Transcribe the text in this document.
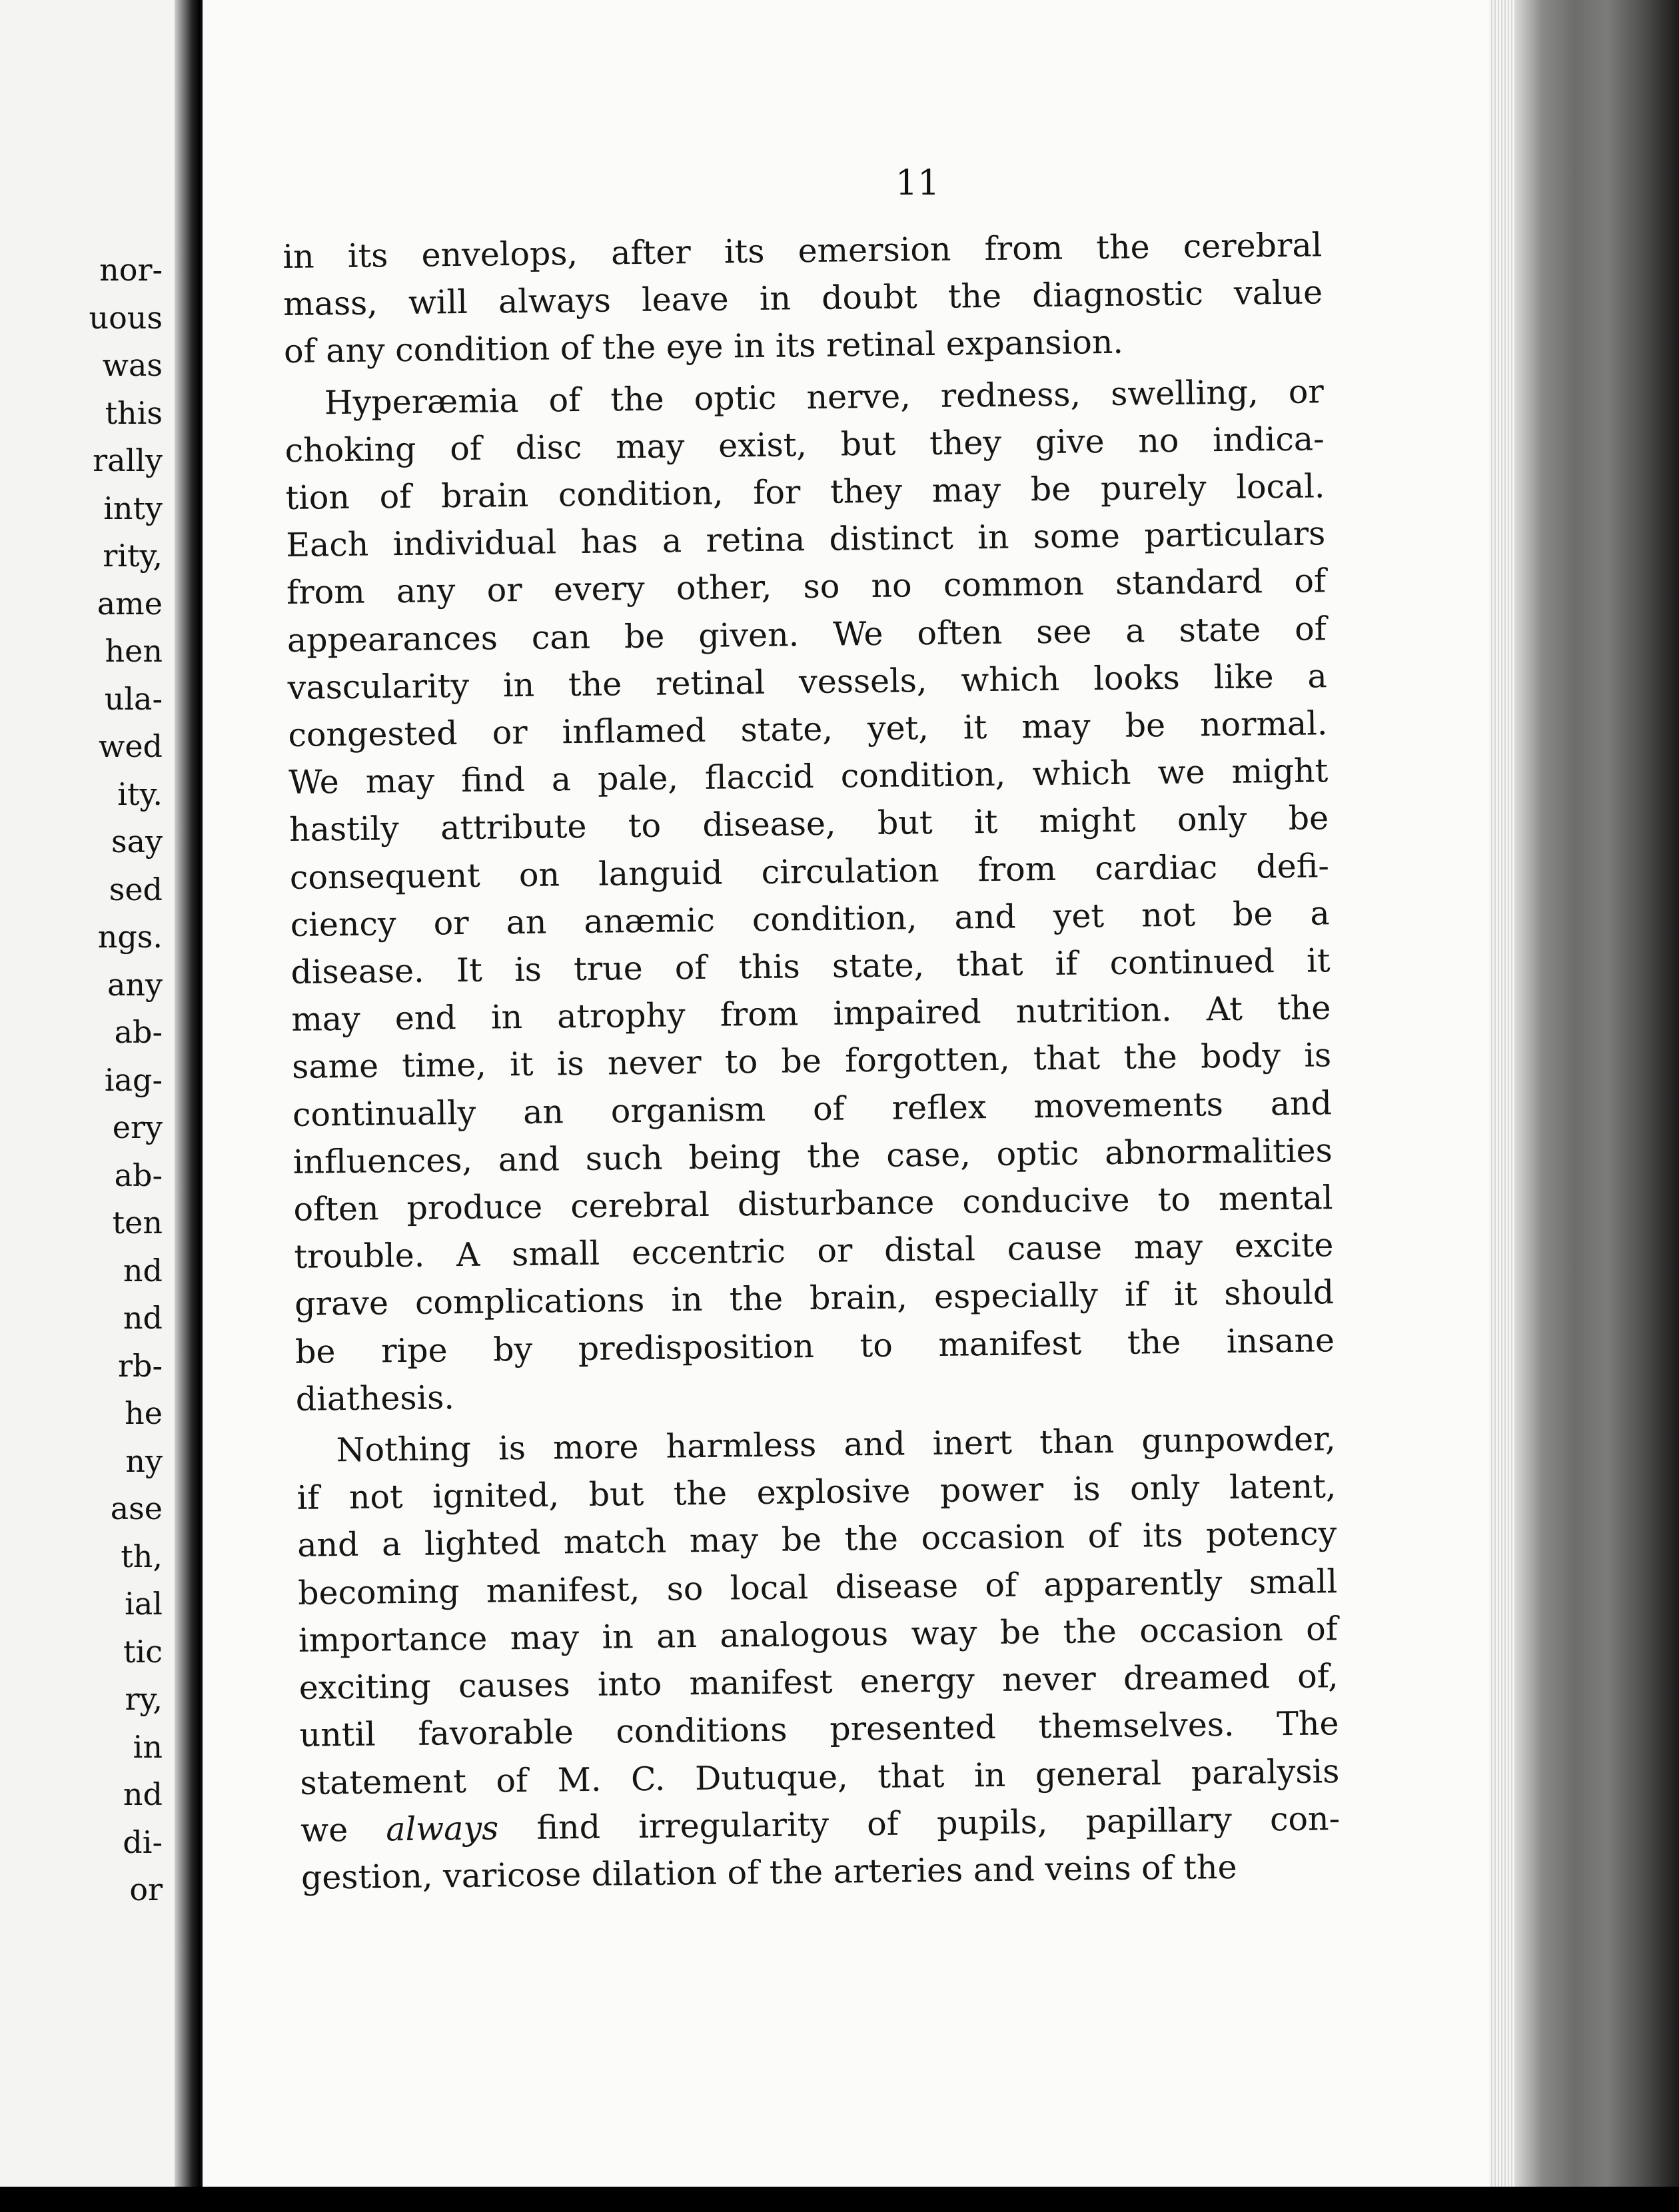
nor-
uous
was
this
rally
inty
rity,
ame
hen
ula-
wed
ity.
say
sed
ngs.
any
ab-
iag-
ery
ab-
ten
nd
nd
rb-
he
ny
ase
th,
ial
tic
ry,
in
nd
di-
or
11

in its envelops, after its emersion from the cerebral
mass, will always leave in doubt the diagnostic value
of any condition of the eye in its retinal expansion.

Hyperæmia of the optic nerve, redness, swelling, or
choking of disc may exist, but they give no indica-
tion of brain condition, for they may be purely local.
Each individual has a retina distinct in some particulars
from any or every other, so no common standard of
appearances can be given. We often see a state of
vascularity in the retinal vessels, which looks like a
congested or inflamed state, yet, it may be normal.
We may find a pale, flaccid condition, which we might
hastily attribute to disease, but it might only be
consequent on languid circulation from cardiac defi-
ciency or an anæmic condition, and yet not be a
disease. It is true of this state, that if continued it
may end in atrophy from impaired nutrition. At the
same time, it is never to be forgotten, that the body is
continually an organism of reflex movements and
influences, and such being the case, optic abnormalities
often produce cerebral disturbance conducive to mental
trouble. A small eccentric or distal cause may excite
grave complications in the brain, especially if it should
be ripe by predisposition to manifest the insane
diathesis.

Nothing is more harmless and inert than gunpowder,
if not ignited, but the explosive power is only latent,
and a lighted match may be the occasion of its potency
becoming manifest, so local disease of apparently small
importance may in an analogous way be the occasion of
exciting causes into manifest energy never dreamed of,
until favorable conditions presented themselves. The
statement of M. C. Dutuque, that in general paralysis
we always find irregularity of pupils, papillary con-
gestion, varicose dilation of the arteries and veins of the
